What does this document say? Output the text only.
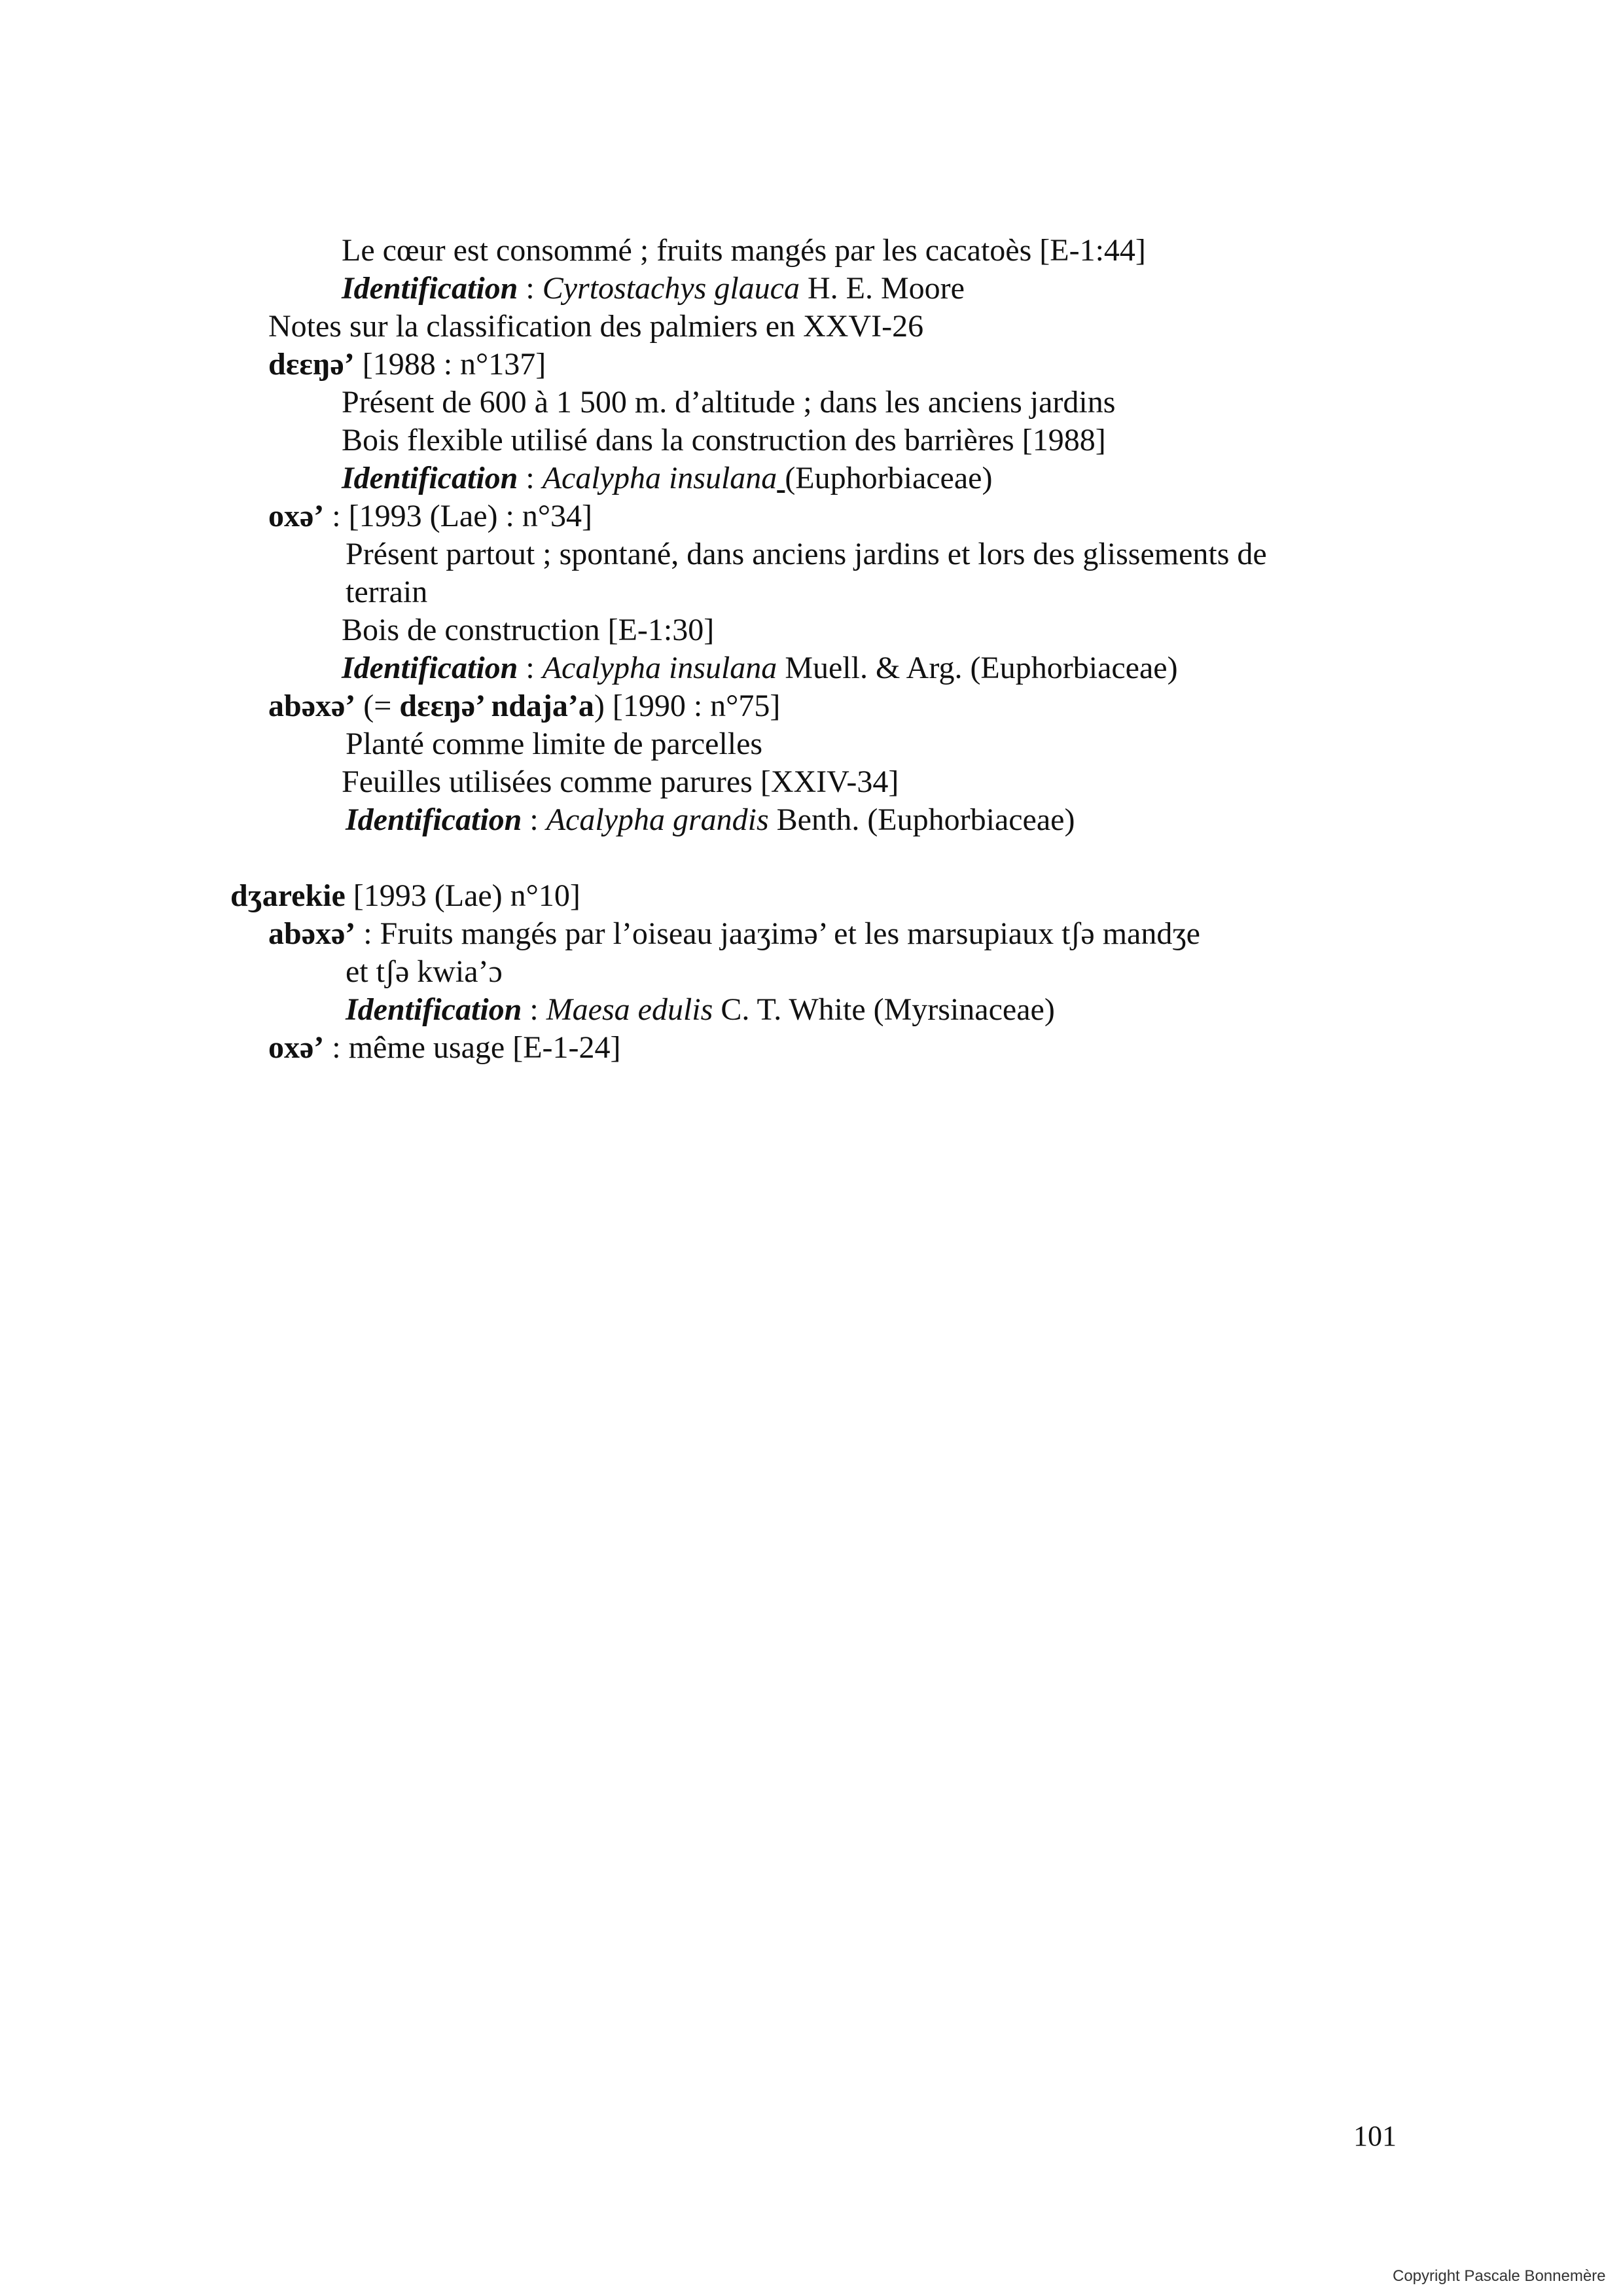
Le cœur est consommé ; fruits mangés par les cacatoès [E-1:44]
Identification : Cyrtostachys glauca H. E. Moore
Notes sur la classification des palmiers en XXVI-26
dɛɛŋə’ [1988 : n°137]
Présent de 600 à 1 500 m. d’altitude ; dans les anciens jardins
Bois flexible utilisé dans la construction des barrières [1988]
Identification : Acalypha insulana (Euphorbiaceae)
oxə’ : [1993 (Lae) : n°34]
Présent partout ; spontané, dans anciens jardins et lors des glissements de
terrain
Bois de construction [E-1:30]
Identification : Acalypha insulana Muell. & Arg. (Euphorbiaceae)
abəxə’ (= dɛɛŋə’ ndaja’a) [1990 : n°75]
Planté comme limite de parcelles
Feuilles utilisées comme parures [XXIV-34]
Identification : Acalypha grandis Benth. (Euphorbiaceae)
dʒarekie [1993 (Lae) n°10]
abəxə’ : Fruits mangés par l’oiseau jaaʒimə’ et les marsupiaux tʃə mandʒe
et tʃə kwia’ɔ
Identification : Maesa edulis C. T. White (Myrsinaceae)
oxə’ : même usage [E-1-24]
101
Copyright Pascale Bonnemère
